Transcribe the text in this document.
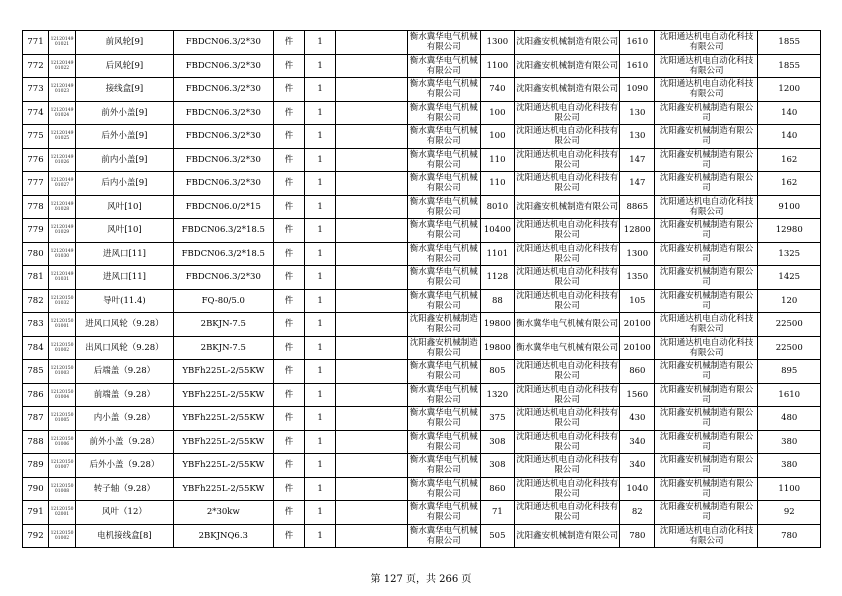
771	12120149 01021	前风轮[9]	FBDCN06.3/2*30	件	1		衡水冀华电气机械有限公司	1300	沈阳鑫安机械制造有限公司	1610	沈阳通达机电自动化科技有限公司	1855
772	12120149 01022	后风轮[9]	FBDCN06.3/2*30	件	1		衡水冀华电气机械有限公司	1100	沈阳鑫安机械制造有限公司	1610	沈阳通达机电自动化科技有限公司	1855
773	12120149 01023	接线盒[9]	FBDCN06.3/2*30	件	1		衡水冀华电气机械有限公司	740	沈阳鑫安机械制造有限公司	1090	沈阳通达机电自动化科技有限公司	1200
774	12120149 01024	前外小盖[9]	FBDCN06.3/2*30	件	1		衡水冀华电气机械有限公司	100	沈阳通达机电自动化科技有限公司	130	沈阳鑫安机械制造有限公司	140
775	12120149 01025	后外小盖[9]	FBDCN06.3/2*30	件	1		衡水冀华电气机械有限公司	100	沈阳通达机电自动化科技有限公司	130	沈阳鑫安机械制造有限公司	140
776	12120149 01026	前内小盖[9]	FBDCN06.3/2*30	件	1		衡水冀华电气机械有限公司	110	沈阳通达机电自动化科技有限公司	147	沈阳鑫安机械制造有限公司	162
777	12120149 01027	后内小盖[9]	FBDCN06.3/2*30	件	1		衡水冀华电气机械有限公司	110	沈阳通达机电自动化科技有限公司	147	沈阳鑫安机械制造有限公司	162
778	12120149 01028	风叶[10]	FBDCN06.0/2*15	件	1		衡水冀华电气机械有限公司	8010	沈阳鑫安机械制造有限公司	8865	沈阳通达机电自动化科技有限公司	9100
779	12120149 01029	风叶[10]	FBDCN06.3/2*18.5	件	1		衡水冀华电气机械有限公司	10400	沈阳通达机电自动化科技有限公司	12800	沈阳鑫安机械制造有限公司	12980
780	12120149 01030	进风口[11]	FBDCN06.3/2*18.5	件	1		衡水冀华电气机械有限公司	1101	沈阳通达机电自动化科技有限公司	1300	沈阳鑫安机械制造有限公司	1325
781	12120149 01031	进风口[11]	FBDCN06.3/2*30	件	1		衡水冀华电气机械有限公司	1128	沈阳通达机电自动化科技有限公司	1350	沈阳鑫安机械制造有限公司	1425
782	12120150 01032	导叶(11.4)	FQ-80/5.0	件	1		衡水冀华电气机械有限公司	88	沈阳通达机电自动化科技有限公司	105	沈阳鑫安机械制造有限公司	120
783	12120150 01001	进风口风轮（9.28）	2BKJN-7.5	件	1		沈阳鑫安机械制造有限公司	19800	衡水冀华电气机械有限公司	20100	沈阳通达机电自动化科技有限公司	22500
784	12120150 01002	出风口风轮（9.28）	2BKJN-7.5	件	1		沈阳鑫安机械制造有限公司	19800	衡水冀华电气机械有限公司	20100	沈阳通达机电自动化科技有限公司	22500
785	12120150 01003	后端盖（9.28）	YBFh225L-2/55KW	件	1		衡水冀华电气机械有限公司	805	沈阳通达机电自动化科技有限公司	860	沈阳鑫安机械制造有限公司	895
786	12120150 01004	前端盖（9.28）	YBFh225L-2/55KW	件	1		衡水冀华电气机械有限公司	1320	沈阳通达机电自动化科技有限公司	1560	沈阳鑫安机械制造有限公司	1610
787	12120150 01005	内小盖（9.28）	YBFh225L-2/55KW	件	1		衡水冀华电气机械有限公司	375	沈阳通达机电自动化科技有限公司	430	沈阳鑫安机械制造有限公司	480
788	12120150 01006	前外小盖（9.28）	YBFh225L-2/55KW	件	1		衡水冀华电气机械有限公司	308	沈阳通达机电自动化科技有限公司	340	沈阳鑫安机械制造有限公司	380
789	12120150 01007	后外小盖（9.28）	YBFh225L-2/55KW	件	1		衡水冀华电气机械有限公司	308	沈阳通达机电自动化科技有限公司	340	沈阳鑫安机械制造有限公司	380
790	12120150 01008	转子轴（9.28）	YBFh225L-2/55KW	件	1		衡水冀华电气机械有限公司	860	沈阳通达机电自动化科技有限公司	1040	沈阳鑫安机械制造有限公司	1100
791	12120150 02001	风叶（12）	2*30kw	件	1		衡水冀华电气机械有限公司	71	沈阳通达机电自动化科技有限公司	82	沈阳鑫安机械制造有限公司	92
792	12120150 01002	电机接线盒[8]	2BKJNQ6.3	件	1		衡水冀华电气机械有限公司	505	沈阳鑫安机械制造有限公司	780	沈阳通达机电自动化科技有限公司	780
第 127 页，共 266 页
